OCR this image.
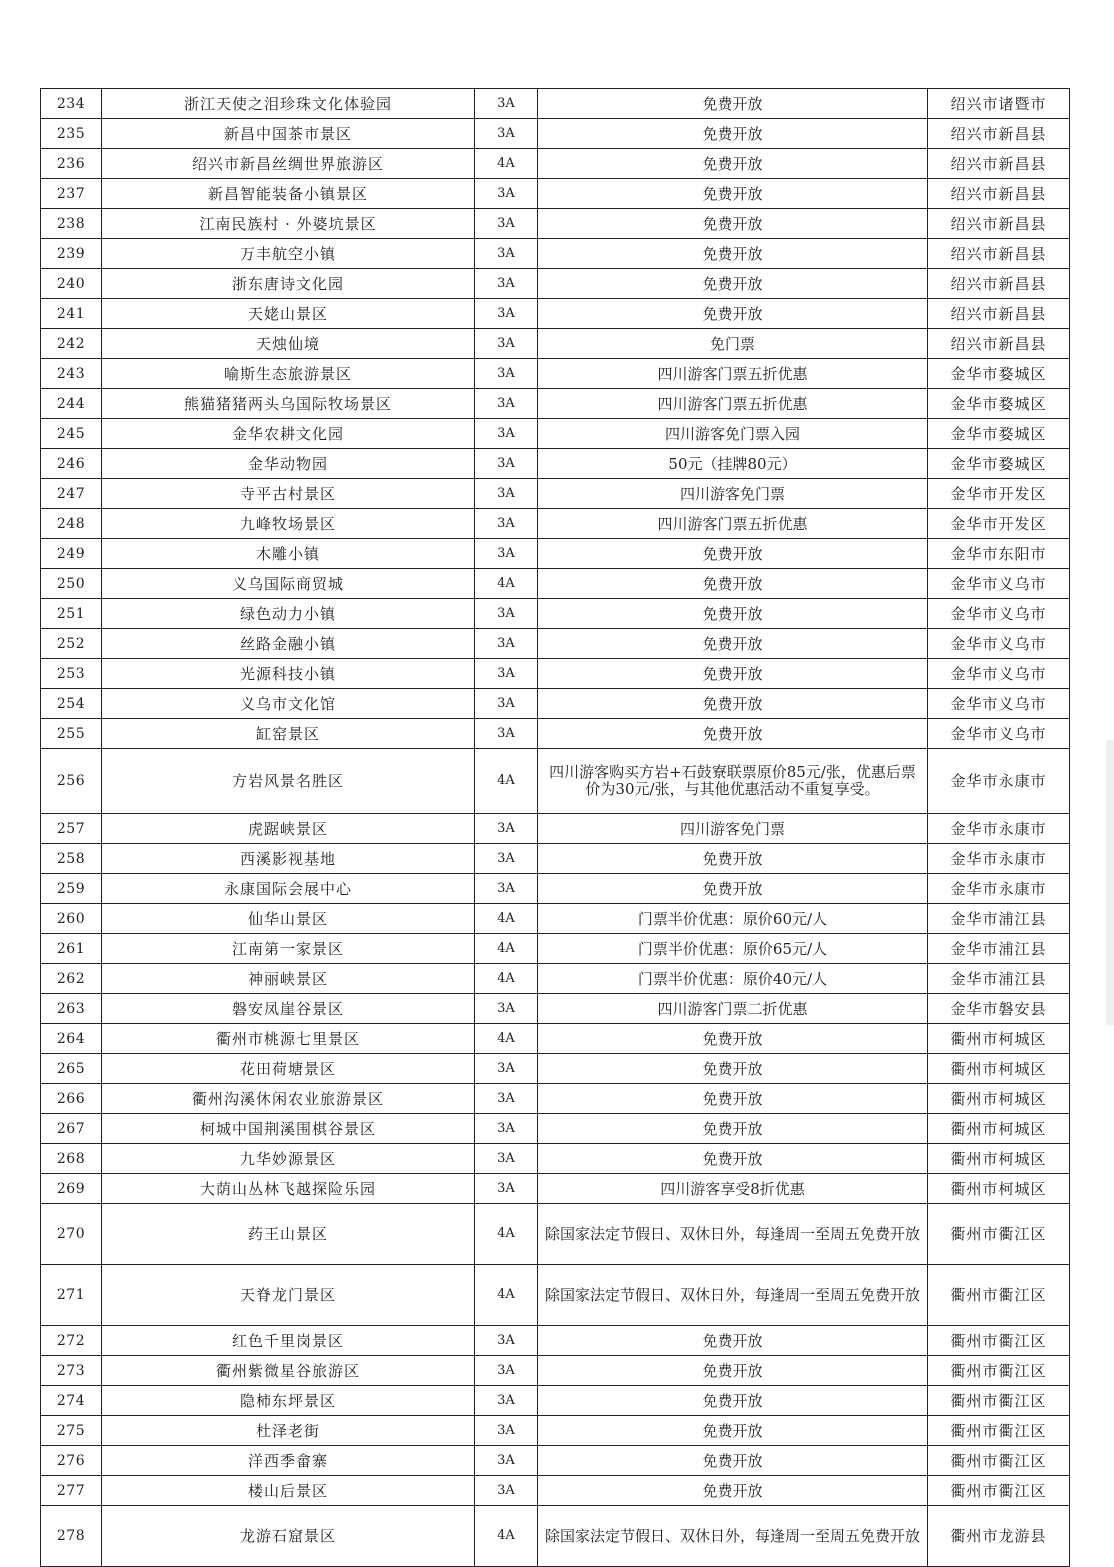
234	浙江天使之泪珍珠文化体验园	3A	免费开放	绍兴市诸暨市
235	新昌中国茶市景区	3A	免费开放	绍兴市新昌县
236	绍兴市新昌丝绸世界旅游区	4A	免费开放	绍兴市新昌县
237	新昌智能装备小镇景区	3A	免费开放	绍兴市新昌县
238	江南民族村 · 外婆坑景区	3A	免费开放	绍兴市新昌县
239	万丰航空小镇	3A	免费开放	绍兴市新昌县
240	浙东唐诗文化园	3A	免费开放	绍兴市新昌县
241	天姥山景区	3A	免费开放	绍兴市新昌县
242	天烛仙境	3A	免门票	绍兴市新昌县
243	喻斯生态旅游景区	3A	四川游客门票五折优惠	金华市婺城区
244	熊猫猪猪两头乌国际牧场景区	3A	四川游客门票五折优惠	金华市婺城区
245	金华农耕文化园	3A	四川游客免门票入园	金华市婺城区
246	金华动物园	3A	50元（挂牌80元）	金华市婺城区
247	寺平古村景区	3A	四川游客免门票	金华市开发区
248	九峰牧场景区	3A	四川游客门票五折优惠	金华市开发区
249	木雕小镇	3A	免费开放	金华市东阳市
250	义乌国际商贸城	4A	免费开放	金华市义乌市
251	绿色动力小镇	3A	免费开放	金华市义乌市
252	丝路金融小镇	3A	免费开放	金华市义乌市
253	光源科技小镇	3A	免费开放	金华市义乌市
254	义乌市文化馆	3A	免费开放	金华市义乌市
255	缸窑景区	3A	免费开放	金华市义乌市
256	方岩风景名胜区	4A	四川游客购买方岩+石鼓寮联票原价85元/张，优惠后票价为30元/张，与其他优惠活动不重复享受。	金华市永康市
257	虎踞峡景区	3A	四川游客免门票	金华市永康市
258	西溪影视基地	3A	免费开放	金华市永康市
259	永康国际会展中心	3A	免费开放	金华市永康市
260	仙华山景区	4A	门票半价优惠：原价60元/人	金华市浦江县
261	江南第一家景区	4A	门票半价优惠：原价65元/人	金华市浦江县
262	神丽峡景区	4A	门票半价优惠：原价40元/人	金华市浦江县
263	磐安凤崖谷景区	3A	四川游客门票二折优惠	金华市磐安县
264	衢州市桃源七里景区	4A	免费开放	衢州市柯城区
265	花田荷塘景区	3A	免费开放	衢州市柯城区
266	衢州沟溪休闲农业旅游景区	3A	免费开放	衢州市柯城区
267	柯城中国荆溪围棋谷景区	3A	免费开放	衢州市柯城区
268	九华妙源景区	3A	免费开放	衢州市柯城区
269	大荫山丛林飞越探险乐园	3A	四川游客享受8折优惠	衢州市柯城区
270	药王山景区	4A	除国家法定节假日、双休日外，每逢周一至周五免费开放	衢州市衢江区
271	天脊龙门景区	4A	除国家法定节假日、双休日外，每逢周一至周五免费开放	衢州市衢江区
272	红色千里岗景区	3A	免费开放	衢州市衢江区
273	衢州紫微星谷旅游区	3A	免费开放	衢州市衢江区
274	隐柿东坪景区	3A	免费开放	衢州市衢江区
275	杜泽老街	3A	免费开放	衢州市衢江区
276	洋西季畲寨	3A	免费开放	衢州市衢江区
277	楼山后景区	3A	免费开放	衢州市衢江区
278	龙游石窟景区	4A	除国家法定节假日、双休日外，每逢周一至周五免费开放	衢州市龙游县
